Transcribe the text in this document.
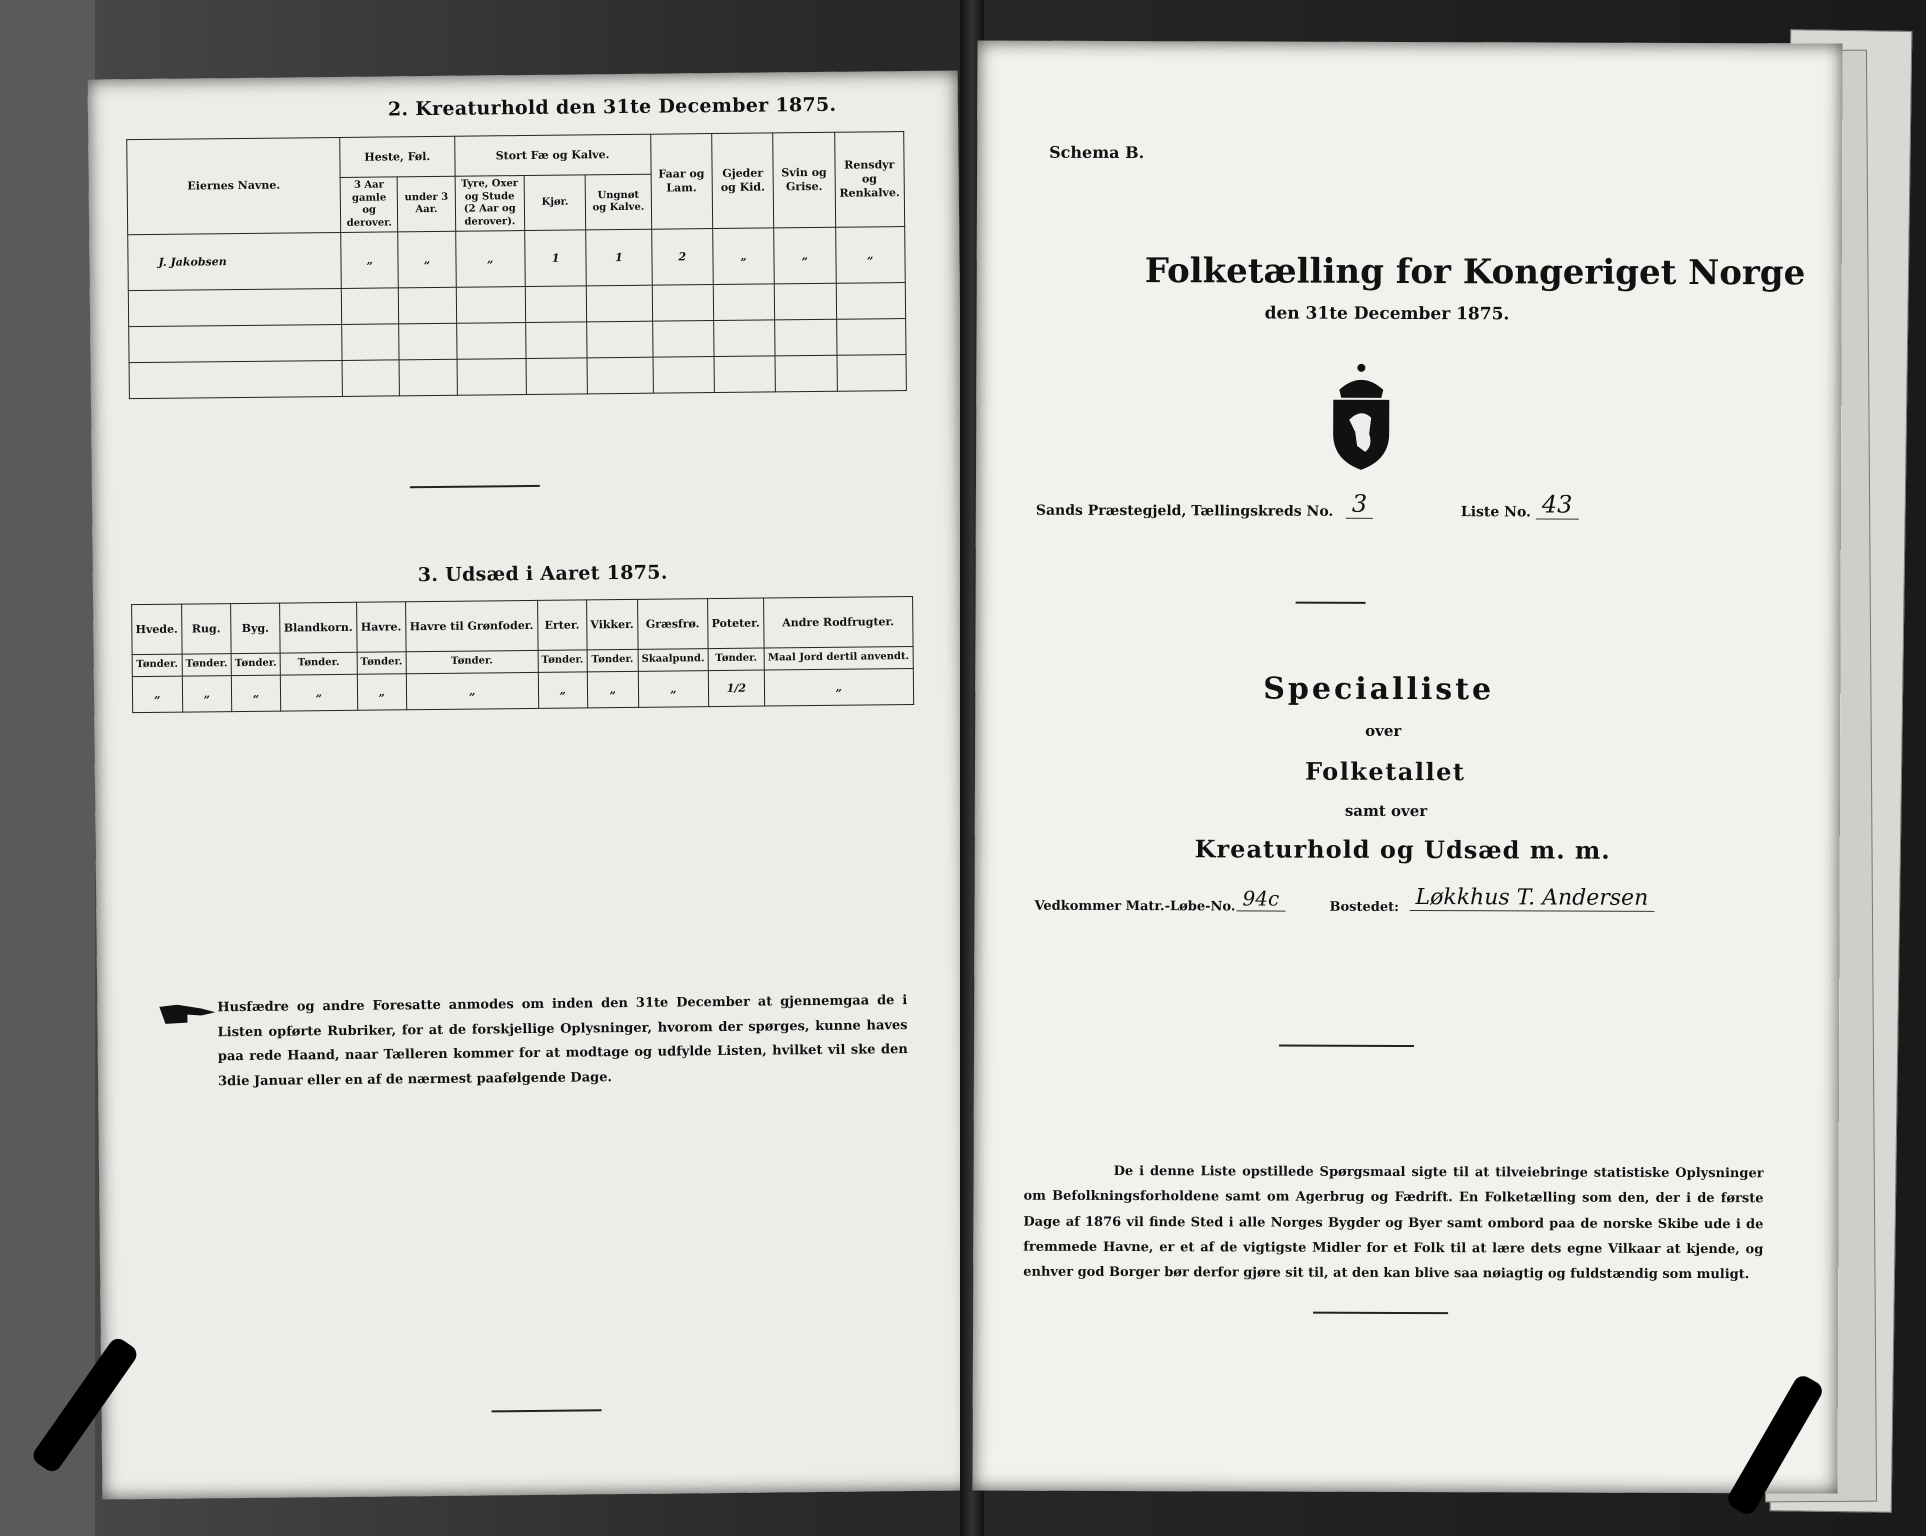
2. Kreaturhold den 31te December 1875.
Eiernes Navne.	Heste, Føl.		Stort Fæ og Kalve.			Faar og Lam.	Gjeder og Kid.	Svin og Grise.	Rensdyr og Renkalve.
	3 Aar gamle og derover.	under 3 Aar.	Tyre, Oxer og Stude (2 Aar og derover).	Kjør.	Ungnøt og Kalve.				
J. Jakobsen	„	„	„	1	1	2	„	„	„

3. Udsæd i Aaret 1875.
Hvede.	Rug.	Byg.	Blandkorn.	Havre.	Havre til Grønfoder.	Erter.	Vikker.	Græsfrø.	Poteter.	Andre Rodfrugter.
Tønder.	Tønder.	Tønder.	Tønder.	Tønder.	Tønder.	Tønder.	Tønder.	Skaalpund.	Tønder.	Maal Jord dertil anvendt.
„	„	„	„	„	„	„	„	„	1/2	„
Husfædre og andre Foresatte anmodes om inden den 31te December at gjennemgaa de i Listen opførte Rubriker, for at de forskjellige Oplysninger, hvorom der spørges, kunne haves paa rede Haand, naar Tælleren kommer for at modtage og udfylde Listen, hvilket vil ske den 3die Januar eller en af de nærmest paafølgende Dage.
Schema B.
Folketælling for Kongeriget Norge
den 31te December 1875.
Sands Præstegjeld, Tællingskreds No. 3	Liste No. 43
Specialliste
over
Folketallet
samt over
Kreaturhold og Udsæd m. m.
Vedkommer Matr.-Løbe-No. 94c	Bostedet: Løkkhus T. Andersen
De i denne Liste opstillede Spørgsmaal sigte til at tilveiebringe statistiske Oplysninger om Befolkningsforholdene samt om Agerbrug og Fædrift. En Folketælling som den, der i de første Dage af 1876 vil finde Sted i alle Norges Bygder og Byer samt ombord paa de norske Skibe ude i de fremmede Havne, er et af de vigtigste Midler for et Folk til at lære dets egne Vilkaar at kjende, og enhver god Borger bør derfor gjøre sit til, at den kan blive saa nøiagtig og fuldstændig som muligt.
